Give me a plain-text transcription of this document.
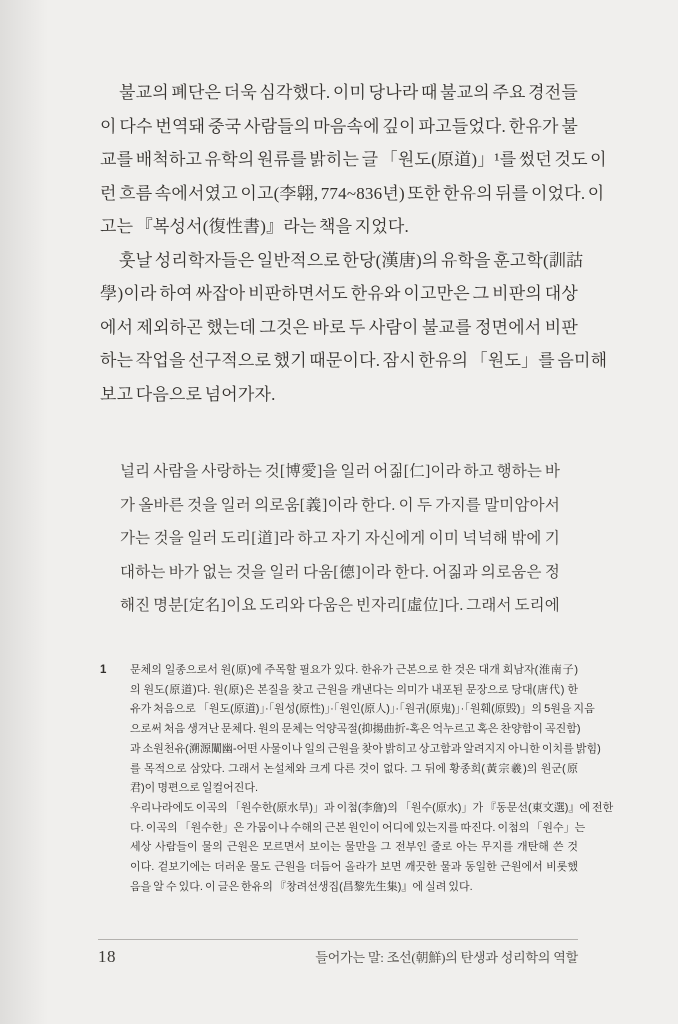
불교의 폐단은 더욱 심각했다. 이미 당나라 때 불교의 주요 경전들
이 다수 번역돼 중국 사람들의 마음속에 깊이 파고들었다. 한유가 불
교를 배척하고 유학의 원류를 밝히는 글 「원도(原道)」¹를 썼던 것도 이
런 흐름 속에서였고 이고(李翶, 774~836년) 또한 한유의 뒤를 이었다. 이
고는 『복성서(復性書)』라는 책을 지었다.
훗날 성리학자들은 일반적으로 한당(漢唐)의 유학을 훈고학(訓詁
學)이라 하여 싸잡아 비판하면서도 한유와 이고만은 그 비판의 대상
에서 제외하곤 했는데 그것은 바로 두 사람이 불교를 정면에서 비판
하는 작업을 선구적으로 했기 때문이다. 잠시 한유의 「원도」를 음미해
보고 다음으로 넘어가자.
널리 사람을 사랑하는 것[博愛]을 일러 어짊[仁]이라 하고 행하는 바
가 올바른 것을 일러 의로움[義]이라 한다. 이 두 가지를 말미암아서
가는 것을 일러 도리[道]라 하고 자기 자신에게 이미 넉넉해 밖에 기
대하는 바가 없는 것을 일러 다움[德]이라 한다. 어짊과 의로움은 정
해진 명분[定名]이요 도리와 다움은 빈자리[虛位]다. 그래서 도리에
1	문체의 일종으로서 원(原)에 주목할 필요가 있다. 한유가 근본으로 한 것은 대개 회남자(淮南子)
의 원도(原道)다. 원(原)은 본질을 찾고 근원을 캐낸다는 의미가 내포된 문장으로 당대(唐代) 한
유가 처음으로 「원도(原道)」·「원성(原性)」·「원인(原人)」·「원귀(原鬼)」·「원훼(原毁)」의 5원을 지음
으로써 처음 생겨난 문체다. 원의 문체는 억양곡절(抑揚曲折-혹은 억누르고 혹은 찬양함이 곡진함)
과 소원천유(溯源闡幽-어떤 사물이나 일의 근원을 찾아 밝히고 상고함과 알려지지 아니한 이치를 밝힘)
를 목적으로 삼았다. 그래서 논설체와 크게 다른 것이 없다. 그 뒤에 황종희(黃宗羲)의 원군(原
君)이 명편으로 일컬어진다.
우리나라에도 이곡의 「원수한(原水旱)」과 이첨(李詹)의 「원수(原水)」가 『동문선(東文選)』에 전한
다. 이곡의 「원수한」은 가뭄이나 수해의 근본 원인이 어디에 있는지를 따진다. 이첨의 「원수」는
세상 사람들이 물의 근원은 모르면서 보이는 물만을 그 전부인 줄로 아는 무지를 개탄해 쓴 것
이다. 겉보기에는 더러운 물도 근원을 더듬어 올라가 보면 깨끗한 물과 동일한 근원에서 비롯했
음을 알 수 있다. 이 글은 한유의 『창려선생집(昌黎先生集)』에 실려 있다.
18	들어가는 말: 조선(朝鮮)의 탄생과 성리학의 역할
